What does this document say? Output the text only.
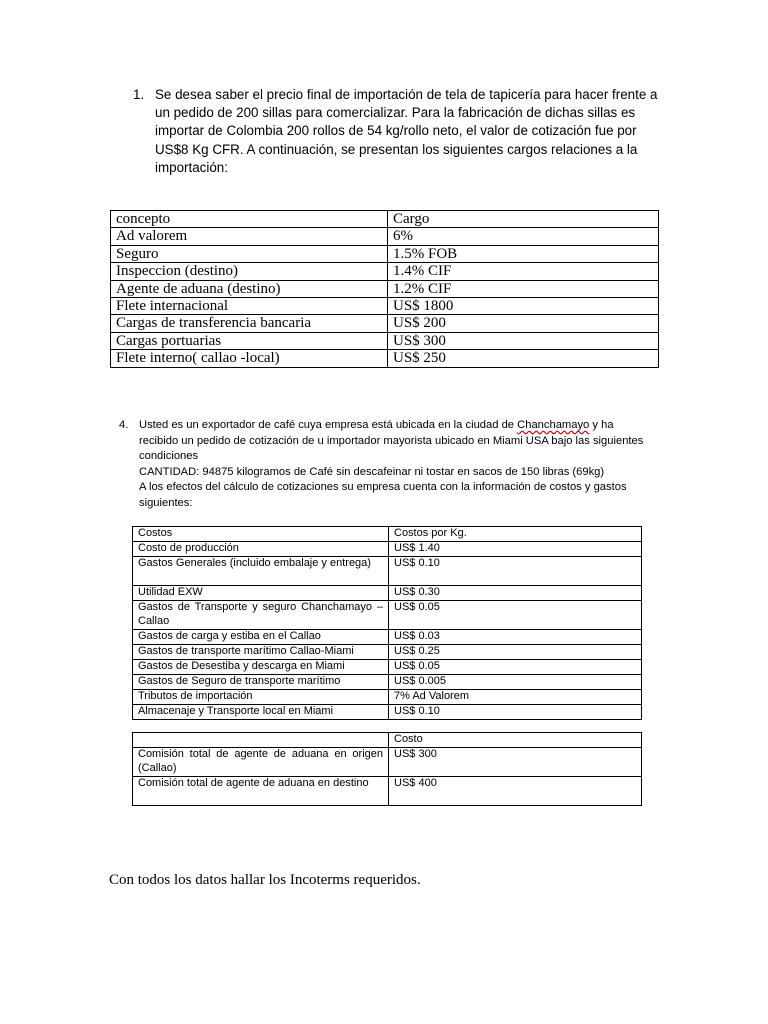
1. Se desea saber el precio final de importación de tela de tapicería para hacer frente a un pedido de 200 sillas para comercializar. Para la fabricación de dichas sillas es importar de Colombia 200 rollos de 54 kg/rollo neto, el valor de cotización fue por US$8 Kg CFR. A continuación, se presentan los siguientes cargos relaciones a la importación:
concepto	Cargo
Ad valorem	6%
Seguro	1.5% FOB
Inspeccion (destino)	1.4% CIF
Agente de aduana (destino)	1.2% CIF
Flete internacional	US$ 1800
Cargas de transferencia bancaria	US$ 200
Cargas portuarias	US$ 300
Flete interno( callao -local)	US$ 250
4. Usted es un exportador de café cuya empresa está ubicada en la ciudad de Chanchamayo y ha recibido un pedido de cotización de u importador mayorista ubicado en Miami USA bajo las siguientes condiciones
CANTIDAD: 94875 kilogramos de Café sin descafeinar ni tostar en sacos de 150 libras (69kg)
A los efectos del cálculo de cotizaciones su empresa cuenta con la información de costos y gastos siguientes:
Costos	Costos por Kg.
Costo de producción	US$ 1.40
Gastos Generales (incluido embalaje y entrega)	US$ 0.10
Utilidad EXW	US$ 0.30
Gastos de Transporte y seguro Chanchamayo – Callao	US$ 0.05
Gastos de carga y estiba en el Callao	US$ 0.03
Gastos de transporte marítimo Callao-Miami	US$ 0.25
Gastos de Desestiba y descarga en Miami	US$ 0.05
Gastos de Seguro de transporte marítimo	US$ 0.005
Tributos de importación	7% Ad Valorem
Almacenaje y Transporte local en Miami	US$ 0.10
	Costo
Comisión total de agente de aduana en origen (Callao)	US$ 300
Comisión total de agente de aduana en destino	US$ 400
Con todos los datos hallar los Incoterms requeridos.
